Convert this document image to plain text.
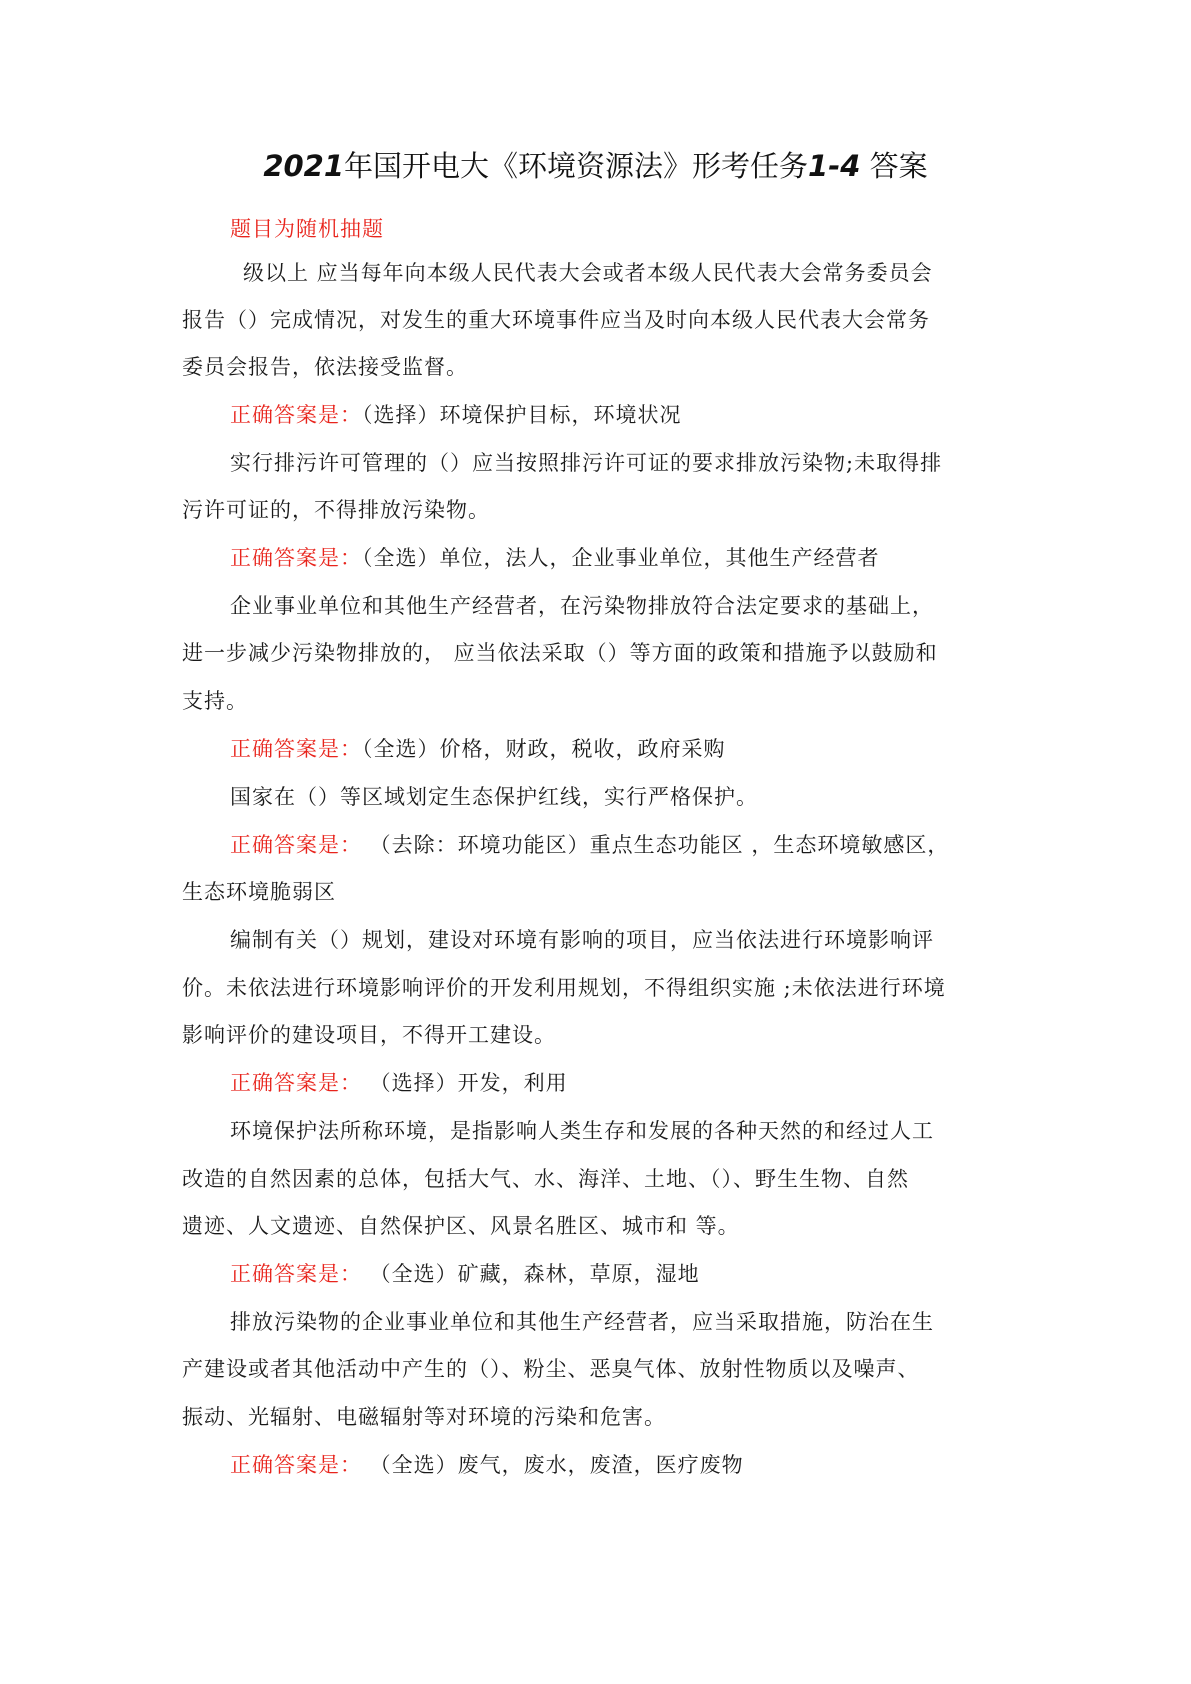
2021年国开电大《环境资源法》形考任务1-4 答案
题目为随机抽题
级以上 应当每年向本级人民代表大会或者本级人民代表大会常务委员会
报告（）完成情况，对发生的重大环境事件应当及时向本级人民代表大会常务
委员会报告，依法接受监督。
正确答案是：（选择）环境保护目标，环境状况
实行排污许可管理的（）应当按照排污许可证的要求排放污染物;未取得排
污许可证的，不得排放污染物。
正确答案是：（全选）单位，法人，企业事业单位，其他生产经营者
企业事业单位和其他生产经营者，在污染物排放符合法定要求的基础上，
进一步减少污染物排放的， 应当依法采取（）等方面的政策和措施予以鼓励和
支持。
正确答案是：（全选）价格，财政，税收，政府采购
国家在（）等区域划定生态保护红线，实行严格保护。
正确答案是： （去除：环境功能区）重点生态功能区 ，生态环境敏感区，
生态环境脆弱区
编制有关（）规划，建设对环境有影响的项目，应当依法进行环境影响评
价。未依法进行环境影响评价的开发利用规划，不得组织实施 ;未依法进行环境
影响评价的建设项目，不得开工建设。
正确答案是： （选择）开发，利用
环境保护法所称环境，是指影响人类生存和发展的各种天然的和经过人工
改造的自然因素的总体，包括大气、水、海洋、土地、（）、野生生物、自然
遗迹、人文遗迹、自然保护区、风景名胜区、城市和 等。
正确答案是： （全选）矿藏，森林，草原，湿地
排放污染物的企业事业单位和其他生产经营者，应当采取措施，防治在生
产建设或者其他活动中产生的（）、粉尘、恶臭气体、放射性物质以及噪声、
振动、光辐射、电磁辐射等对环境的污染和危害。
正确答案是： （全选）废气，废水，废渣，医疗废物
